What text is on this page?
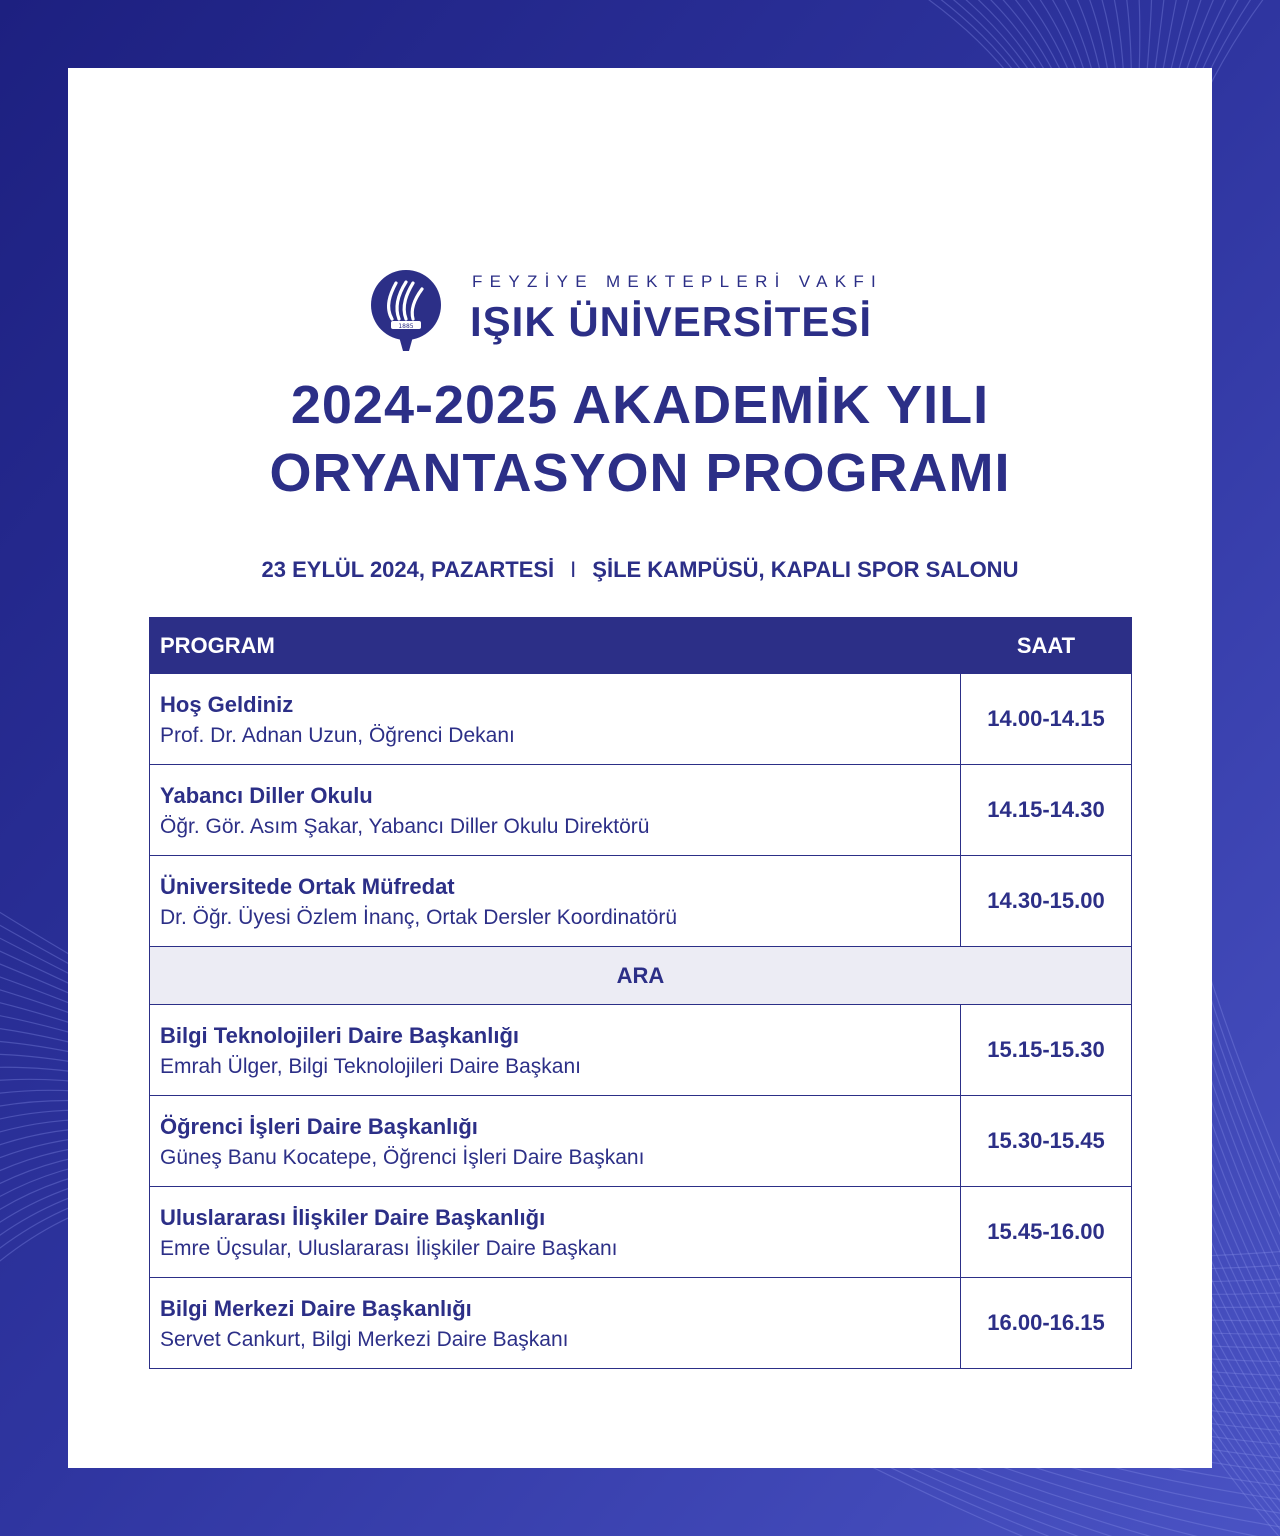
1885
FEYZİYE MEKTEPLERİ VAKFI
IŞIK ÜNİVERSİTESİ
2024-2025 AKADEMİK YILI
ORYANTASYON PROGRAMI
23 EYLÜL 2024, PAZARTESİ I ŞİLE KAMPÜSÜ, KAPALI SPOR SALONU
PROGRAM	SAAT

Hoş Geldiniz
Prof. Dr. Adnan Uzun, Öğrenci Dekanı	14.00-14.15

Yabancı Diller Okulu
Öğr. Gör. Asım Şakar, Yabancı Diller Okulu Direktörü	14.15-14.30

Üniversitede Ortak Müfredat
Dr. Öğr. Üyesi Özlem İnanç, Ortak Dersler Koordinatörü	14.30-15.00
ARA	

Bilgi Teknolojileri Daire Başkanlığı
Emrah Ülger, Bilgi Teknolojileri Daire Başkanı	15.15-15.30

Öğrenci İşleri Daire Başkanlığı
Güneş Banu Kocatepe, Öğrenci İşleri Daire Başkanı	15.30-15.45

Uluslararası İlişkiler Daire Başkanlığı
Emre Üçsular, Uluslararası İlişkiler Daire Başkanı	15.45-16.00

Bilgi Merkezi Daire Başkanlığı
Servet Cankurt, Bilgi Merkezi Daire Başkanı	16.00-16.15
